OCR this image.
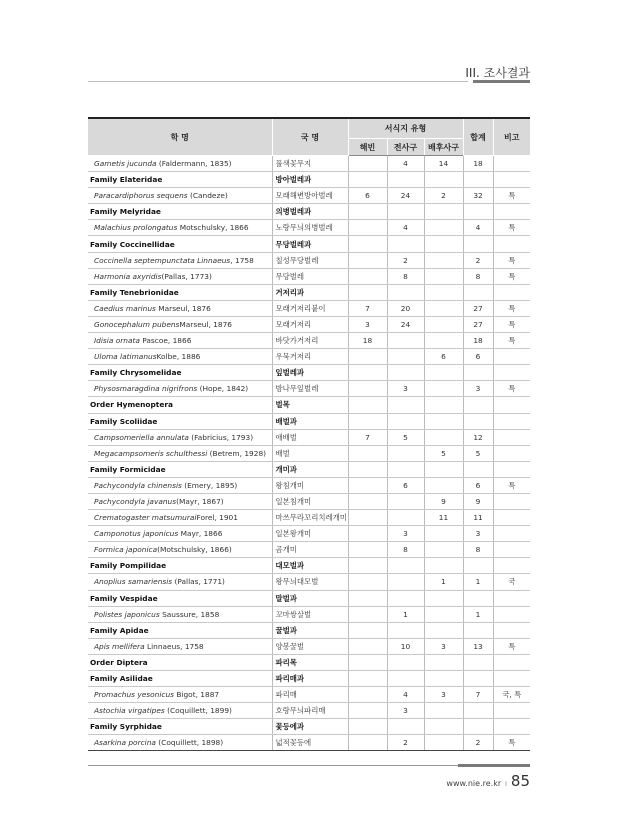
III. 조사결과
학 명	국 명	서식지 유형			합계	비고
		해빈	전사구	배후사구		
Gametis jucunda (Faldermann, 1835)	풀색꽃무지		4	14	18	
Family Elateridae	방아벌레과					
Paracardiphorus sequens (Candeze)	모래해변방아벌레	6	24	2	32	특
Family Melyridae	의병벌레과					
Malachius prolongatus Motschulsky, 1866	노랑무늬의병벌레		4		4	특
Family Coccinellidae	무당벌레과					
Coccinella septempunctata Linnaeus, 1758	칠성무당벌레		2		2	특
Harmonia axyridis(Pallas, 1773)	무당벌레		8		8	특
Family Tenebrionidae	거저리과					
Caedius marinus Marseul, 1876	모래거저리붙이	7	20		27	특
Gonocephalum pubensMarseul, 1876	모래거저리	3	24		27	특
Idisia ornata Pascoe, 1866	바닷가거저리	18			18	특
Uloma latimanusKolbe, 1886	우묵거저리			6	6	
Family Chrysomelidae	잎벌레과					
Physosmaragdina nigrifrons (Hope, 1842)	밤나무잎벌레		3		3	특
Order Hymenoptera	벌목					
Family Scoliidae	배벌과					
Campsomeriella annulata (Fabricius, 1793)	애배벌	7	5		12	
Megacampsomeris schulthessi (Betrem, 1928)	배벌			5	5	
Family Formicidae	개미과					
Pachycondyla chinensis (Emery, 1895)	왕침개미		6		6	특
Pachycondyla javanus(Mayr, 1867)	일본침개미			9	9	
Crematogaster matsumuraiForel, 1901	마쓰무라꼬리치레개미			11	11	
Camponotus japonicus Mayr, 1866	일본왕개미		3		3	
Formica japonica(Motschulsky, 1866)	곰개미		8		8	
Family Pompilidae	대모벌과					
Anoplius samariensis (Pallas, 1771)	왕무늬대모벌			1	1	국
Family Vespidae	말벌과					
Polistes japonicus Saussure, 1858	꼬마쌍살벌		1		1	
Family Apidae	꿀벌과					
Apis mellifera Linnaeus, 1758	양봉꿀벌		10	3	13	특
Order Diptera	파리목					
Family Asilidae	파리매과					
Promachus yesonicus Bigot, 1887	파리매		4	3	7	국, 특
Astochia virgatipes (Coquillett, 1899)	호랑무늬파리매		3			
Family Syrphidae	꽃등에과					
Asarkina porcina (Coquillett, 1898)	넓적꽃등에		2		2	특
www.nie.re.kr I 85
